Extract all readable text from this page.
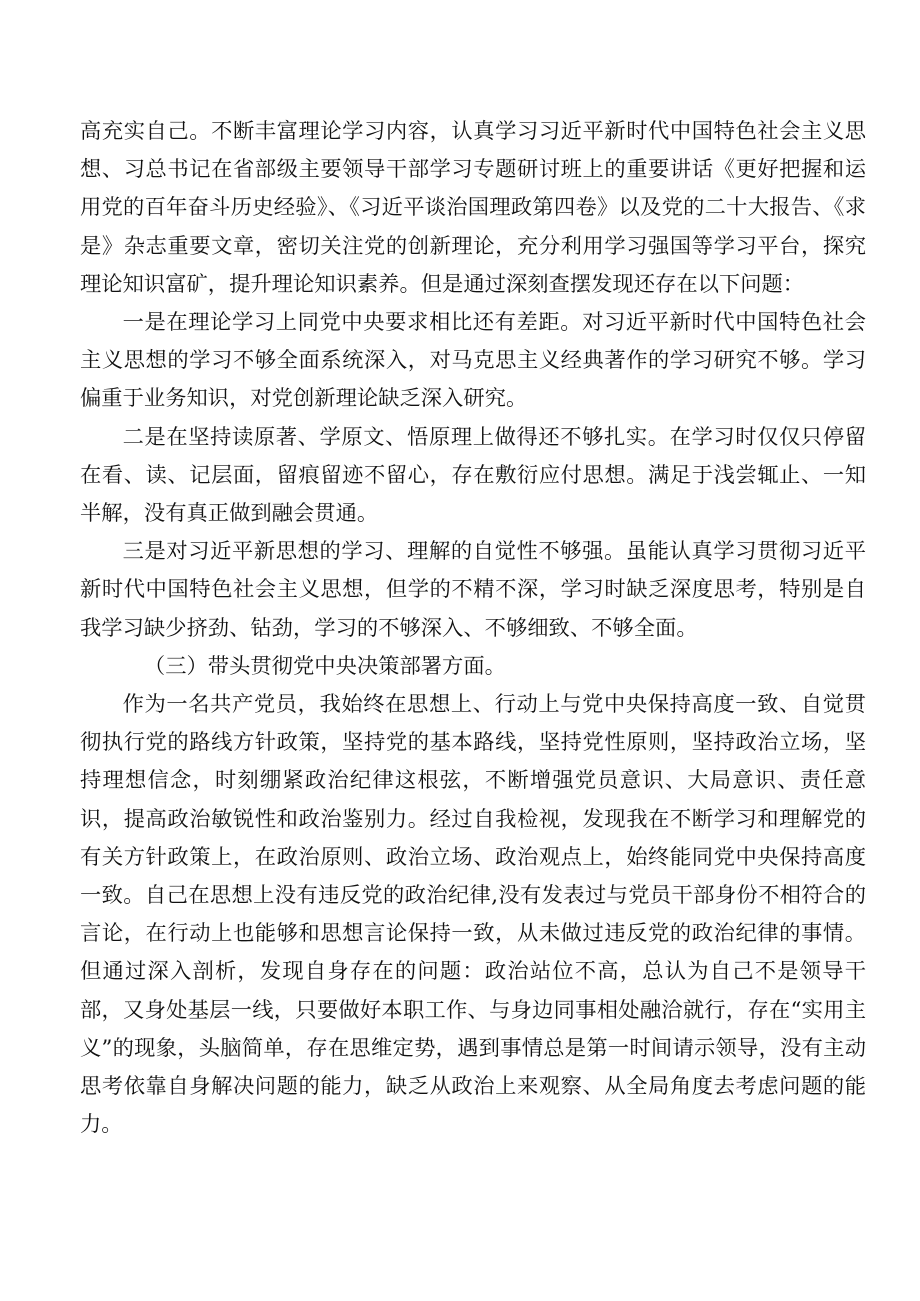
高充实自己。不断丰富理论学习内容，认真学习习近平新时代中国特色社会主义思想、习总书记在省部级主要领导干部学习专题研讨班上的重要讲话《更好把握和运用党的百年奋斗历史经验》、《习近平谈治国理政第四卷》以及党的二十大报告、《求是》杂志重要文章，密切关注党的创新理论，充分利用学习强国等学习平台，探究理论知识富矿，提升理论知识素养。但是通过深刻查摆发现还存在以下问题：

一是在理论学习上同党中央要求相比还有差距。对习近平新时代中国特色社会主义思想的学习不够全面系统深入，对马克思主义经典著作的学习研究不够。学习偏重于业务知识，对党创新理论缺乏深入研究。

二是在坚持读原著、学原文、悟原理上做得还不够扎实。在学习时仅仅只停留在看、读、记层面，留痕留迹不留心，存在敷衍应付思想。满足于浅尝辄止、一知半解，没有真正做到融会贯通。

三是对习近平新思想的学习、理解的自觉性不够强。虽能认真学习贯彻习近平新时代中国特色社会主义思想，但学的不精不深，学习时缺乏深度思考，特别是自我学习缺少挤劲、钻劲，学习的不够深入、不够细致、不够全面。

（三）带头贯彻党中央决策部署方面。

作为一名共产党员，我始终在思想上、行动上与党中央保持高度一致、自觉贯彻执行党的路线方针政策，坚持党的基本路线，坚持党性原则，坚持政治立场，坚持理想信念，时刻绷紧政治纪律这根弦，不断增强党员意识、大局意识、责任意识，提高政治敏锐性和政治鉴别力。经过自我检视，发现我在不断学习和理解党的有关方针政策上，在政治原则、政治立场、政治观点上，始终能同党中央保持高度一致。自己在思想上没有违反党的政治纪律,没有发表过与党员干部身份不相符合的言论，在行动上也能够和思想言论保持一致，从未做过违反党的政治纪律的事情。但通过深入剖析，发现自身存在的问题：政治站位不高，总认为自己不是领导干部，又身处基层一线，只要做好本职工作、与身边同事相处融洽就行，存在“实用主义”的现象，头脑简单，存在思维定势，遇到事情总是第一时间请示领导，没有主动思考依靠自身解决问题的能力，缺乏从政治上来观察、从全局角度去考虑问题的能力。
